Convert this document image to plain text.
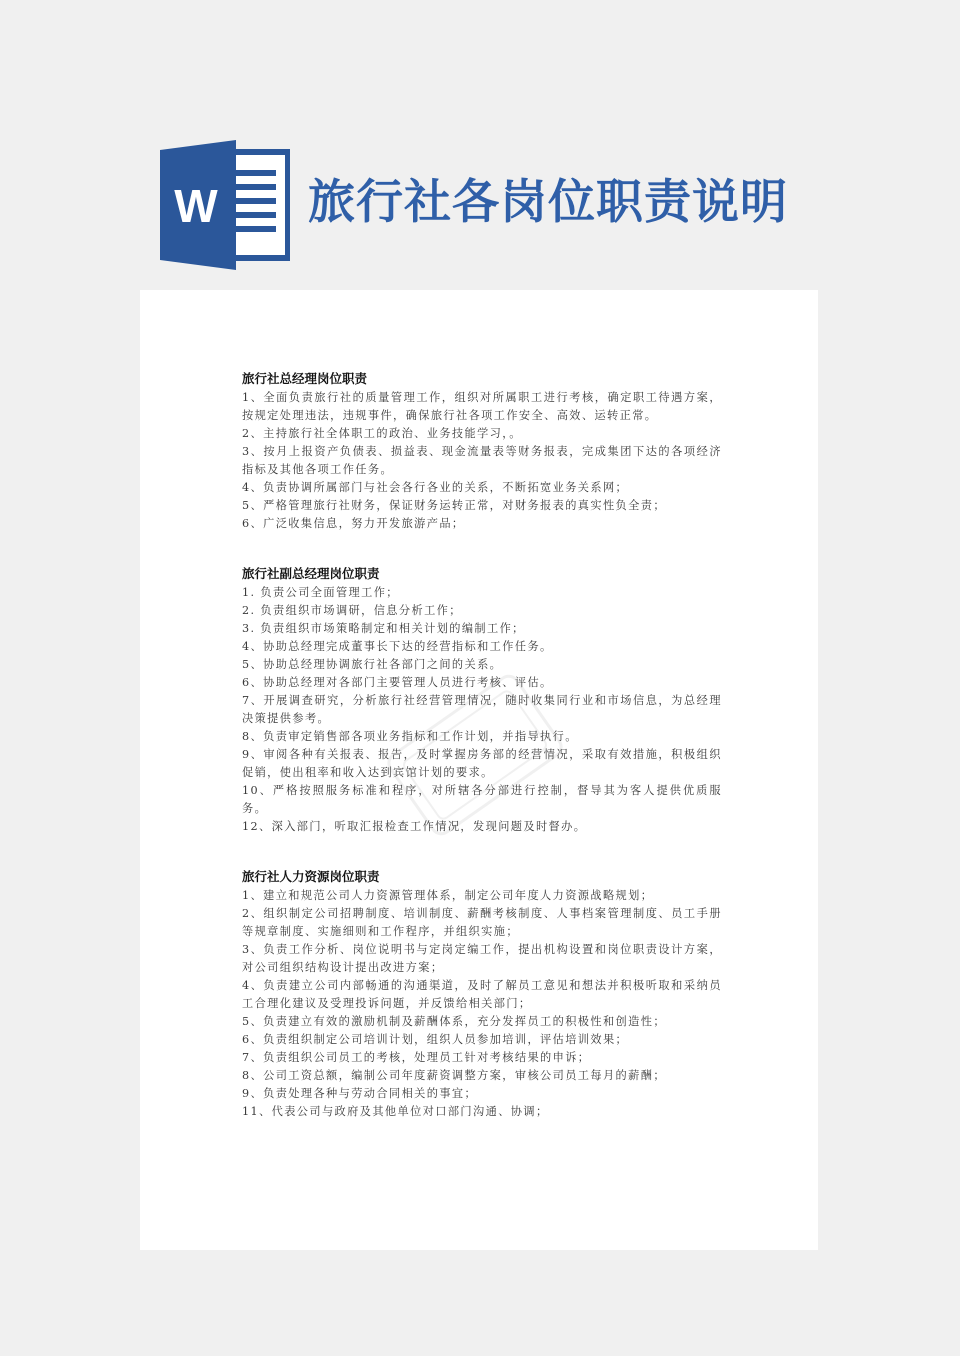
W 旅行社各岗位职责说明

旅行社总经理岗位职责

1、全面负责旅行社的质量管理工作，组织对所属职工进行考核，确定职工待遇方案，按规定处理违法，违规事件，确保旅行社各项工作安全、高效、运转正常。

2、主持旅行社全体职工的政治、业务技能学习，。

3、按月上报资产负债表、损益表、现金流量表等财务报表，完成集团下达的各项经济指标及其他各项工作任务。

4、负责协调所属部门与社会各行各业的关系，不断拓宽业务关系网；

5、严格管理旅行社财务，保证财务运转正常，对财务报表的真实性负全责；

6、广泛收集信息，努力开发旅游产品；

旅行社副总经理岗位职责

1. 负责公司全面管理工作；

2. 负责组织市场调研，信息分析工作；

3. 负责组织市场策略制定和相关计划的编制工作；

4、协助总经理完成董事长下达的经营指标和工作任务。

5、协助总经理协调旅行社各部门之间的关系。

6、协助总经理对各部门主要管理人员进行考核、评估。

7、开展调查研究，分析旅行社经营管理情况，随时收集同行业和市场信息，为总经理决策提供参考。

8、负责审定销售部各项业务指标和工作计划，并指导执行。

9、审阅各种有关报表、报告，及时掌握房务部的经营情况，采取有效措施，积极组织促销，使出租率和收入达到宾馆计划的要求。

10、严格按照服务标准和程序，对所辖各分部进行控制，督导其为客人提供优质服务。

12、深入部门，听取汇报检查工作情况，发现问题及时督办。

旅行社人力资源岗位职责

1、建立和规范公司人力资源管理体系，制定公司年度人力资源战略规划；

2、组织制定公司招聘制度、培训制度、薪酬考核制度、人事档案管理制度、员工手册等规章制度、实施细则和工作程序，并组织实施；

3、负责工作分析、岗位说明书与定岗定编工作，提出机构设置和岗位职责设计方案，对公司组织结构设计提出改进方案；

4、负责建立公司内部畅通的沟通渠道，及时了解员工意见和想法并积极听取和采纳员工合理化建议及受理投诉问题，并反馈给相关部门；

5、负责建立有效的激励机制及薪酬体系，充分发挥员工的积极性和创造性；

6、负责组织制定公司培训计划，组织人员参加培训，评估培训效果；

7、负责组织公司员工的考核，处理员工针对考核结果的申诉；

8、公司工资总额，编制公司年度薪资调整方案，审核公司员工每月的薪酬；

9、负责处理各种与劳动合同相关的事宜；

11、代表公司与政府及其他单位对口部门沟通、协调；
